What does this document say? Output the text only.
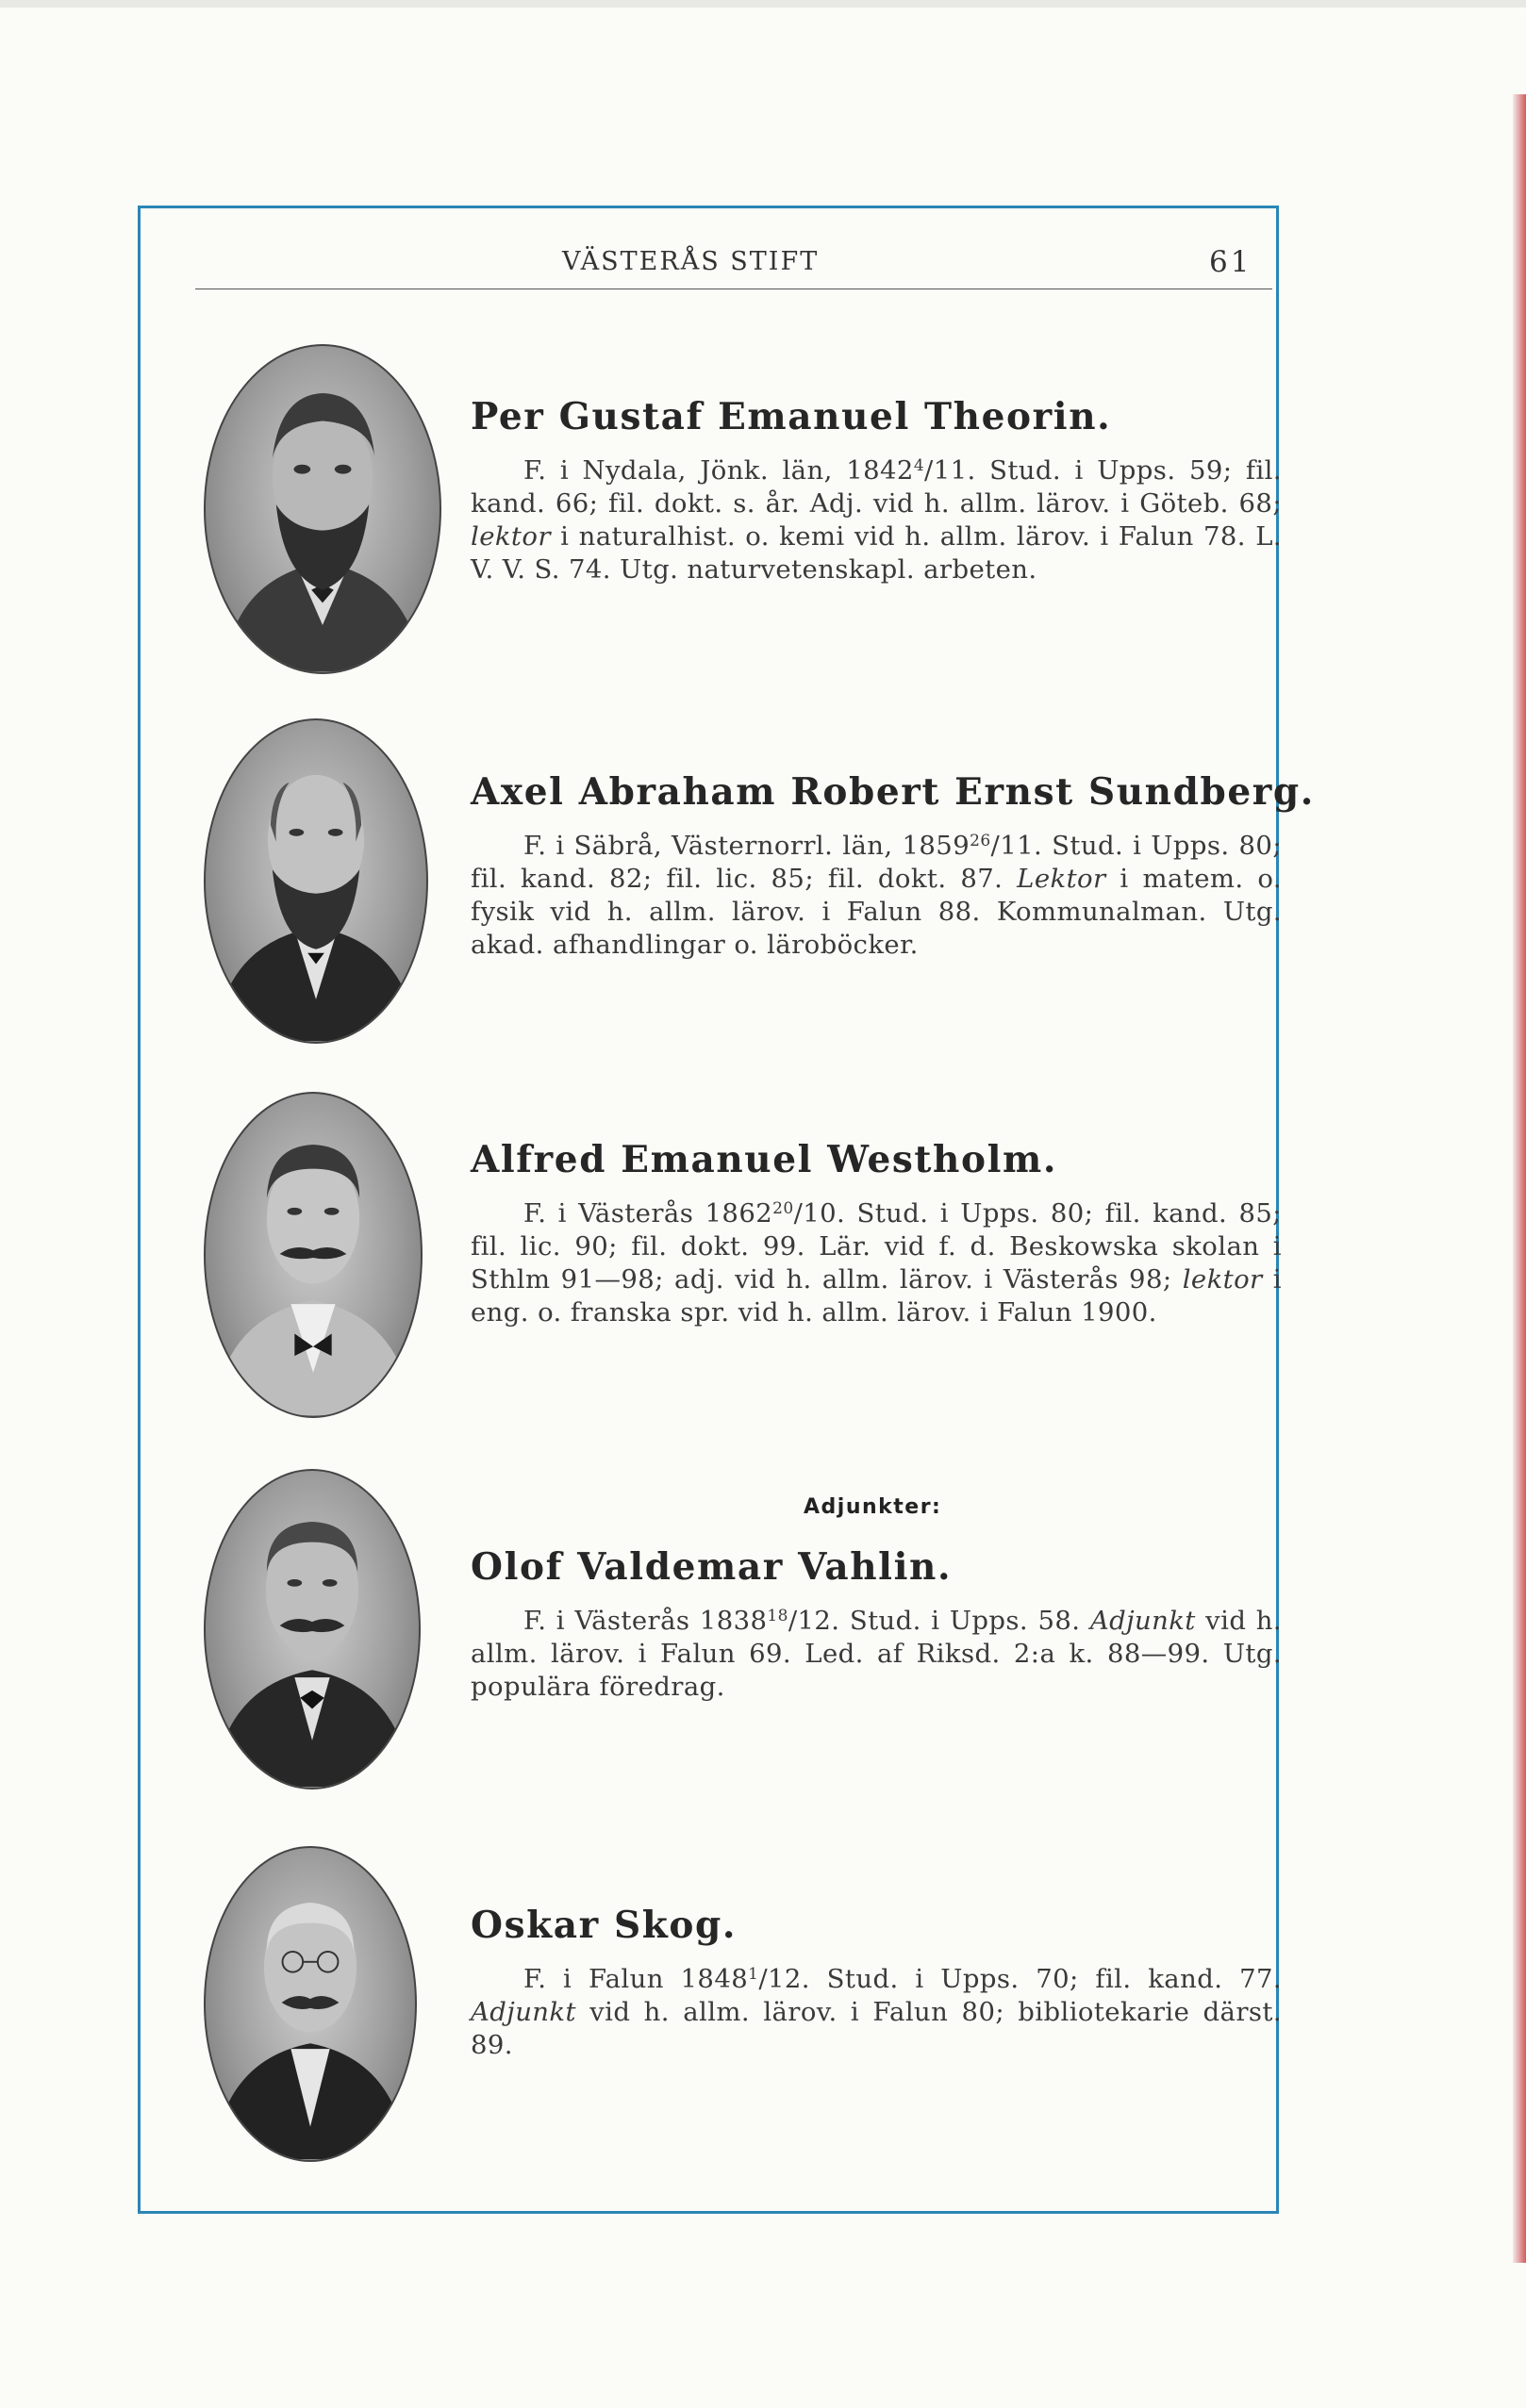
VÄSTERÅS STIFT	61
Per Gustaf Emanuel Theorin.

F. i Nydala, Jönk. län, 1842$^4$/11. Stud. i Upps. 59; fil. kand. 66; fil. dokt. s. år. Adj. vid h. allm. lärov. i Göteb. 68; lektor i naturalhist. o. kemi vid h. allm. lärov. i Falun 78. L. V. V. S. 74. Utg. naturvetenskapl. arbeten.

Axel Abraham Robert Ernst Sundberg.

F. i Säbrå, Västernorrl. län, 1859$^{26}$/11. Stud. i Upps. 80; fil. kand. 82; fil. lic. 85; fil. dokt. 87. Lektor i matem. o. fysik vid h. allm. lärov. i Falun 88. Kommunalman. Utg. akad. afhandlingar o. läroböcker.

Alfred Emanuel Westholm.

F. i Västerås 1862$^{20}$/10. Stud. i Upps. 80; fil. kand. 85; fil. lic. 90; fil. dokt. 99. Lär. vid f. d. Beskowska skolan i Sthlm 91—98; adj. vid h. allm. lärov. i Västerås 98; lektor i eng. o. franska spr. vid h. allm. lärov. i Falun 1900.

Adjunkter:
Olof Valdemar Vahlin.

F. i Västerås 1838$^{18}$/12. Stud. i Upps. 58. Adjunkt vid h. allm. lärov. i Falun 69. Led. af Riksd. 2:a k. 88—99. Utg. populära föredrag.

Oskar Skog.

F. i Falun 1848$^1$/12. Stud. i Upps. 70; fil. kand. 77. Adjunkt vid h. allm. lärov. i Falun 80; bibliotekarie därst. 89.
